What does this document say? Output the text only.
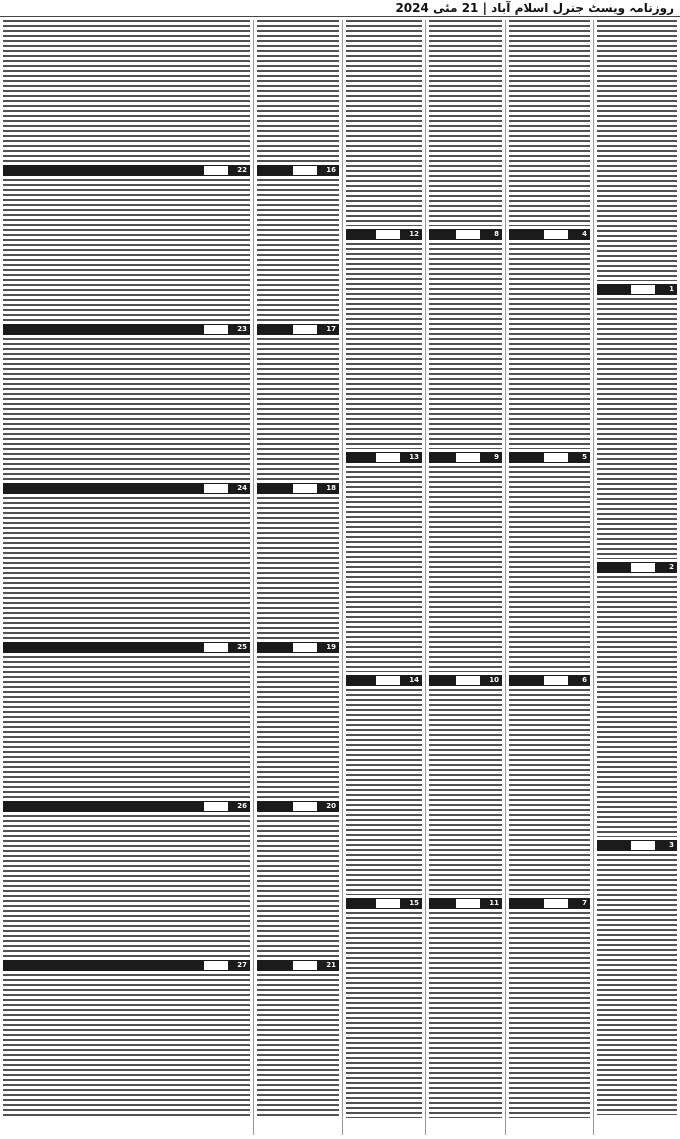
روزنامہ ویسٹ جنرل اسلام آباد | 21 مئی 2024
1
2
3
4
5
6
7
8
9
10
11
12
13
14
15
16
17
18
19
20
21
22
23
24
25
26
27
